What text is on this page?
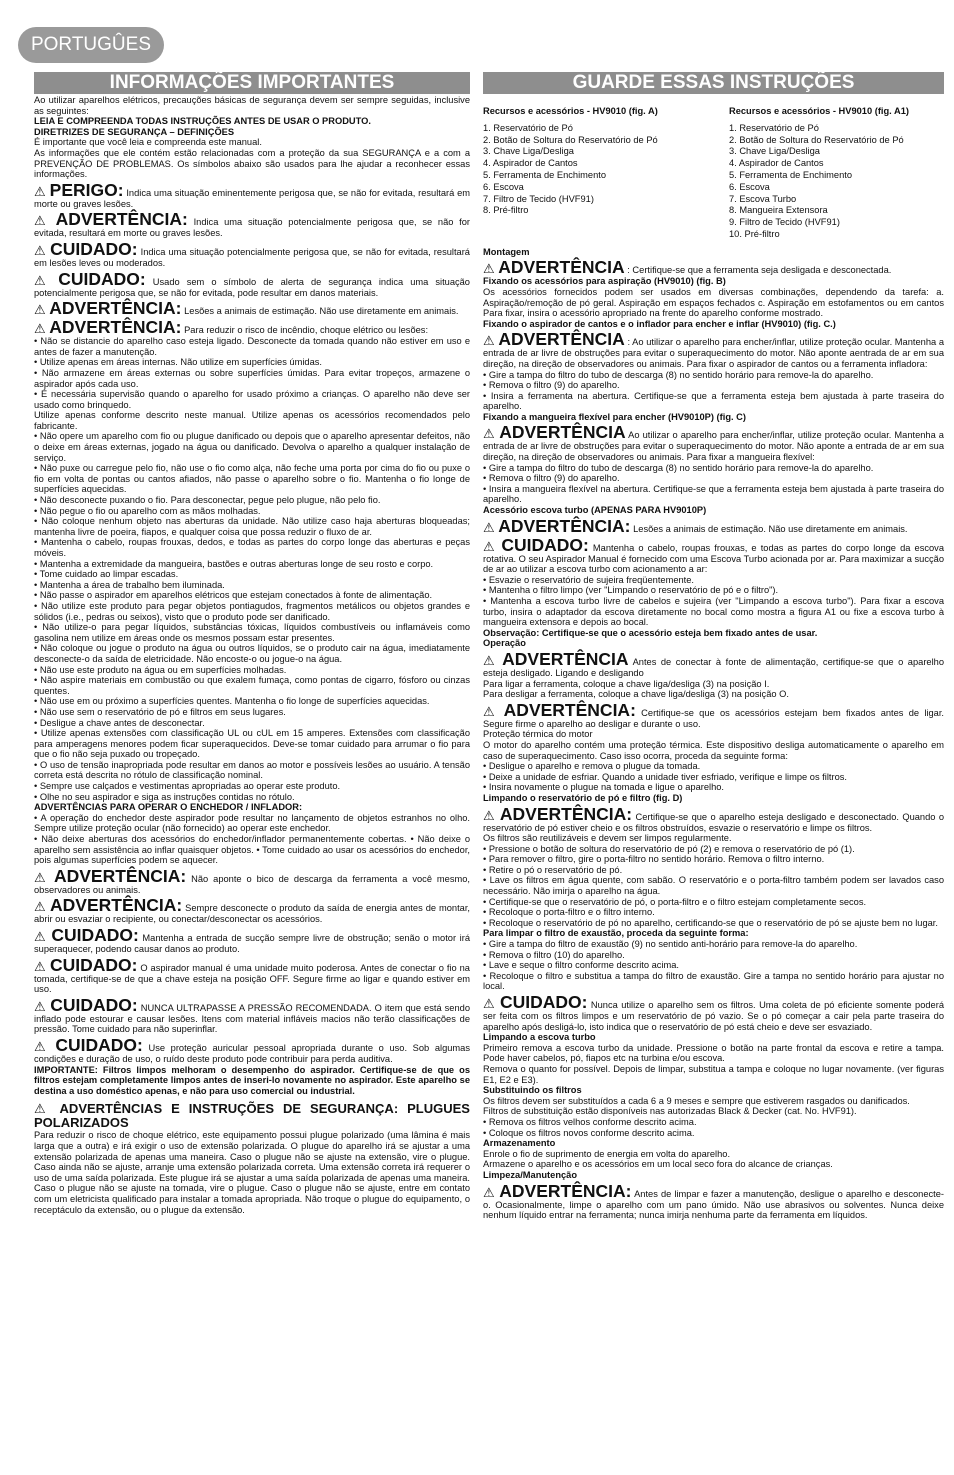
PORTUGÛES
INFORMAÇÕES IMPORTANTES

Ao utilizar aparelhos elétricos, precauções básicas de segurança devem ser sempre seguidas, inclusive as seguintes:

LEIA E COMPREENDA TODAS INSTRUÇÕES ANTES DE USAR O PRODUTO.

DIRETRIZES DE SEGURANÇA – DEFINIÇÕES

É importante que você leia e compreenda este manual.

As informações que ele contém estão relacionadas com a proteção da sua SEGURANÇA e a com a PREVENÇÃO DE PROBLEMAS. Os símbolos abaixo são usados para lhe ajudar a reconhecer essas informações.

⚠ PERIGO: Indica uma situação eminentemente perigosa que, se não for evitada, resultará em morte ou graves lesões.

⚠ ADVERTÊNCIA: Indica uma situação potencialmente perigosa que, se não for evitada, resultará em morte ou graves lesões.

⚠ CUIDADO: Indica uma situação potencialmente perigosa que, se não for evitada, resultará em lesões leves ou moderados.

⚠ CUIDADO: Usado sem o símbolo de alerta de segurança indica uma situação potencialmente perigosa que, se não for evitada, pode resultar em danos materiais.

⚠ ADVERTÊNCIA: Lesões a animais de estimação. Não use diretamente em animais.

⚠ ADVERTÊNCIA: Para reduzir o risco de incêndio, choque elétrico ou lesões:

• Não se distancie do aparelho caso esteja ligado. Desconecte da tomada quando não estiver em uso e antes de fazer a manutenção.

• Utilize apenas em áreas internas. Não utilize em superfícies úmidas.

• Não armazene em áreas externas ou sobre superfícies úmidas. Para evitar tropeços, armazene o aspirador após cada uso.

• É necessária supervisão quando o aparelho for usado próximo a crianças. O aparelho não deve ser usado como brinquedo.

Utilize apenas conforme descrito neste manual. Utilize apenas os acessórios recomendados pelo fabricante.

• Não opere um aparelho com fio ou plugue danificado ou depois que o aparelho apresentar defeitos, não o deixe em áreas externas, jogado na água ou danificado. Devolva o aparelho a qualquer instalação de serviço.

• Não puxe ou carregue pelo fio, não use o fio como alça, não feche uma porta por cima do fio ou puxe o fio em volta de pontas ou cantos afiados, não passe o aparelho sobre o fio. Mantenha o fio longe de superfícies aquecidas.

• Não desconecte puxando o fio. Para desconectar, pegue pelo plugue, não pelo fio.

• Não pegue o fio ou aparelho com as mãos molhadas.

• Não coloque nenhum objeto nas aberturas da unidade. Não utilize caso haja aberturas bloqueadas; mantenha livre de poeira, fiapos, e qualquer coisa que possa reduzir o fluxo de ar.

• Mantenha o cabelo, roupas frouxas, dedos, e todas as partes do corpo longe das aberturas e peças móveis.

• Mantenha a extremidade da mangueira, bastões e outras aberturas longe de seu rosto e corpo.

• Tome cuidado ao limpar escadas.

• Mantenha a área de trabalho bem iluminada.

• Não passe o aspirador em aparelhos elétricos que estejam conectados à fonte de alimentação.

• Não utilize este produto para pegar objetos pontiagudos, fragmentos metálicos ou objetos grandes e sólidos (i.e., pedras ou seixos), visto que o produto pode ser danificado.

• Não utilize-o para pegar líquidos, substâncias tóxicas, líquidos combustíveis ou inflamáveis como gasolina nem utilize em áreas onde os mesmos possam estar presentes.

• Não coloque ou jogue o produto na água ou outros líquidos, se o produto cair na água, imediatamente desconecte-o da saída de eletricidade. Não encoste-o ou jogue-o na água.

• Não use este produto na água ou em superfícies molhadas.

• Não aspire materiais em combustão ou que exalem fumaça, como pontas de cigarro, fósforo ou cinzas quentes.

• Não use em ou próximo a superfícies quentes. Mantenha o fio longe de superfícies aquecidas.

• Não use sem o reservatório de pó e filtros em seus lugares.

• Desligue a chave antes de desconectar.

• Utilize apenas extensões com classificação UL ou cUL em 15 amperes. Extensões com classificação para amperagens menores podem ficar superaquecidos. Deve-se tomar cuidado para arrumar o fio para que o fio não seja puxado ou tropeçado.

• O uso de tensão inapropriada pode resultar em danos ao motor e possíveis lesões ao usuário. A tensão correta está descrita no rótulo de classificação nominal.

• Sempre use calçados e vestimentas apropriadas ao operar este produto.

• Olhe no seu aspirador e siga as instruções contidas no rótulo.

ADVERTÊNCIAS PARA OPERAR O ENCHEDOR / INFLADOR:

• A operação do enchedor deste aspirador pode resultar no lançamento de objetos estranhos no olho. Sempre utilize proteção ocular (não fornecido) ao operar este enchedor.

• Não deixe aberturas dos acessórios do enchedor/inflador permanentemente cobertas. • Não deixe o aparelho sem assistência ao inflar quaisquer objetos. • Tome cuidado ao usar os acessórios do enchedor, pois algumas superfícies podem se aquecer.

⚠ ADVERTÊNCIA: Não aponte o bico de descarga da ferramenta a você mesmo, observadores ou animais.

⚠ ADVERTÊNCIA: Sempre desconecte o produto da saída de energia antes de montar, abrir ou esvaziar o recipiente, ou conectar/desconectar os acessórios.

⚠ CUIDADO: Mantenha a entrada de sucção sempre livre de obstrução; senão o motor irá superaquecer, podendo causar danos ao produto.

⚠ CUIDADO: O aspirador manual é uma unidade muito poderosa. Antes de conectar o fio na tomada, certifique-se de que a chave esteja na posição OFF. Segure firme ao ligar e quando estiver em uso.

⚠ CUIDADO: NUNCA ULTRAPASSE A PRESSÃO RECOMENDADA. O item que está sendo inflado pode estourar e causar lesões. Itens com material infláveis macios não terão classificações de pressão. Tome cuidado para não superinflar.

⚠ CUIDADO: Use proteção auricular pessoal apropriada durante o uso. Sob algumas condições e duração de uso, o ruído deste produto pode contribuir para perda auditiva.

IMPORTANTE: Filtros limpos melhoram o desempenho do aspirador. Certifique-se de que os filtros estejam completamente limpos antes de inseri-lo novamente no aspirador. Este aparelho se destina a uso doméstico apenas, e não para uso comercial ou industrial.

⚠ ADVERTÊNCIAS E INSTRUÇÕES DE SEGURANÇA: PLUGUES POLARIZADOS

Para reduzir o risco de choque elétrico, este equipamento possui plugue polarizado (uma lâmina é mais larga que a outra) e irá exigir o uso de extensão polarizada. O plugue do aparelho irá se ajustar a uma extensão polarizada de apenas uma maneira. Caso o plugue não se ajuste na extensão, vire o plugue. Caso ainda não se ajuste, arranje uma extensão polarizada correta. Uma extensão correta irá requerer o uso de uma saída polarizada. Este plugue irá se ajustar a uma saída polarizada de apenas uma maneira. Caso o plugue não se ajuste na tomada, vire o plugue. Caso o plugue não se ajuste, entre em contato com um eletricista qualificado para instalar a tomada apropriada. Não troque o plugue do equipamento, o receptáculo da extensão, ou o plugue da extensão.

GUARDE ESSAS INSTRUÇÕES
Recursos e acessórios - HV9010 (fig. A)
1. Reservatório de Pó
2. Botão de Soltura do Reservatório de Pó
3. Chave Liga/Desliga
4. Aspirador de Cantos
5. Ferramenta de Enchimento
6. Escova
7. Filtro de Tecido (HVF91)
8. Pré-filtro
Recursos e acessórios - HV9010 (fig. A1)
1. Reservatório de Pó
2. Botão de Soltura do Reservatório de Pó
3. Chave Liga/Desliga
4. Aspirador de Cantos
5. Ferramenta de Enchimento
6. Escova
7. Escova Turbo
8. Mangueira Extensora
9. Filtro de Tecido (HVF91)
10. Pré-filtro

Montagem

⚠ ADVERTÊNCIA : Certifique-se que a ferramenta seja desligada e desconectada.

Fixando os acessórios para aspiração (HV9010) (fig. B)

Os acessórios fornecidos podem ser usados em diversas combinações, dependendo da tarefa: a. Aspiração/remoção de pó geral. Aspiração em espaços fechados c. Aspiração em estofamentos ou em cantos Para fixar, insira o acessório apropriado na frente do aparelho conforme mostrado.

Fixando o aspirador de cantos e o inflador para encher e inflar (HV9010) (fig. C.)

⚠ ADVERTÊNCIA : Ao utilizar o aparelho para encher/inflar, utilize proteção ocular. Mantenha a entrada de ar livre de obstruções para evitar o superaquecimento do motor. Não aponte aentrada de ar em sua direção, na direção de observadores ou animais. Para fixar o aspirador de cantos ou a ferramenta infladora:

• Gire a tampa do filtro do tubo de descarga (8) no sentido horário para remove-la do aparelho.

• Remova o filtro (9) do aparelho.

• Insira a ferramenta na abertura. Certifique-se que a ferramenta esteja bem ajustada à parte traseira do aparelho.

Fixando a mangueira flexível para encher (HV9010P) (fig. C)

⚠ ADVERTÊNCIA Ao utilizar o aparelho para encher/inflar, utilize proteção ocular. Mantenha a entrada de ar livre de obstruções para evitar o superaquecimento do motor. Não aponte a entrada de ar em sua direção, na direção de observadores ou animais. Para fixar a mangueira flexível:

• Gire a tampa do filtro do tubo de descarga (8) no sentido horário para remove-la do aparelho.

• Remova o filtro (9) do aparelho.

• Insira a mangueira flexível na abertura. Certifique-se que a ferramenta esteja bem ajustada à parte traseira do aparelho.

Acessório escova turbo (APENAS PARA HV9010P)

⚠ ADVERTÊNCIA: Lesões a animais de estimação. Não use diretamente em animais.

⚠ CUIDADO: Mantenha o cabelo, roupas frouxas, e todas as partes do corpo longe da escova rotativa. O seu Aspirador Manual é fornecido com uma Escova Turbo acionada por ar. Para maximizar a sucção de ar ao utilizar a escova turbo com acionamento a ar:

• Esvazie o reservatório de sujeira freqüentemente.

• Mantenha o filtro limpo (ver "Limpando o reservatório de pó e o filtro").

• Mantenha a escova turbo livre de cabelos e sujeira (ver "Limpando a escova turbo"). Para fixar a escova turbo, insira o adaptador da escova diretamente no bocal como mostra a figura A1 ou fixe a escova turbo à mangueira extensora e depois ao bocal.

Observação: Certifique-se que o acessório esteja bem fixado antes de usar.

Operação

⚠ ADVERTÊNCIA Antes de conectar à fonte de alimentação, certifique-se que o aparelho esteja desligado. Ligando e desligando

Para ligar a ferramenta, coloque a chave liga/desliga (3) na posição I.

Para desligar a ferramenta, coloque a chave liga/desliga (3) na posição O.

⚠ ADVERTÊNCIA: Certifique-se que os acessórios estejam bem fixados antes de ligar. Segure firme o aparelho ao desligar e durante o uso.

Proteção térmica do motor

O motor do aparelho contém uma proteção térmica. Este dispositivo desliga automaticamente o aparelho em caso de superaquecimento. Caso isso ocorra, proceda da seguinte forma:

• Desligue o aparelho e remova o plugue da tomada.

• Deixe a unidade de esfriar. Quando a unidade tiver esfriado, verifique e limpe os filtros.

• Insira novamente o plugue na tomada e ligue o aparelho.

Limpando o reservatório de pó e filtro (fig. D)

⚠ ADVERTÊNCIA: Certifique-se que o aparelho esteja desligado e desconectado. Quando o reservatório de pó estiver cheio e os filtros obstruídos, esvazie o reservatório e limpe os filtros.

Os filtros são reutilizáveis e devem ser limpos regularmente.

• Pressione o botão de soltura do reservatório de pó (2) e remova o reservatório de pó (1).

• Para remover o filtro, gire o porta-filtro no sentido horário. Remova o filtro interno.

• Retire o pó o reservatório de pó.

• Lave os filtros em água quente, com sabão. O reservatório e o porta-filtro também podem ser lavados caso necessário. Não imirja o aparelho na água.

• Certifique-se que o reservatório de pó, o porta-filtro e o filtro estejam completamente secos.

• Recoloque o porta-filtro e o filtro interno.

• Recoloque o reservatório de pó no aparelho, certificando-se que o reservatório de pó se ajuste bem no lugar.

Para limpar o filtro de exaustão, proceda da seguinte forma:

• Gire a tampa do filtro de exaustão (9) no sentido anti-horário para remove-la do aparelho.

• Remova o filtro (10) do aparelho.

• Lave e seque o filtro conforme descrito acima.

• Recoloque o filtro e substitua a tampa do filtro de exaustão. Gire a tampa no sentido horário para ajustar no local.

⚠ CUIDADO: Nunca utilize o aparelho sem os filtros. Uma coleta de pó eficiente somente poderá ser feita com os filtros limpos e um reservatório de pó vazio. Se o pó começar a cair pela parte traseira do aparelho após desligá-lo, isto indica que o reservatório de pó está cheio e deve ser esvaziado.

Limpando a escova turbo

Primeiro remova a escova turbo da unidade. Pressione o botão na parte frontal da escova e retire a tampa. Pode haver cabelos, pó, fiapos etc na turbina e/ou escova.

Remova o quanto for possível. Depois de limpar, substitua a tampa e coloque no lugar novamente. (ver figuras E1, E2 e E3).

Substituindo os filtros

Os filtros devem ser substituídos a cada 6 a 9 meses e sempre que estiverem rasgados ou danificados.

Filtros de substituição estão disponíveis nas autorizadas Black & Decker (cat. No. HVF91).

• Remova os filtros velhos conforme descrito acima.

• Coloque os filtros novos conforme descrito acima.

Armazenamento

Enrole o fio de suprimento de energia em volta do aparelho.

Armazene o aparelho e os acessórios em um local seco fora do alcance de crianças.

Limpeza/Manutenção

⚠ ADVERTÊNCIA: Antes de limpar e fazer a manutenção, desligue o aparelho e desconecte-o. Ocasionalmente, limpe o aparelho com um pano úmido. Não use abrasivos ou solventes. Nunca deixe nenhum líquido entrar na ferramenta; nunca imirja nenhuma parte da ferramenta em líquidos.
